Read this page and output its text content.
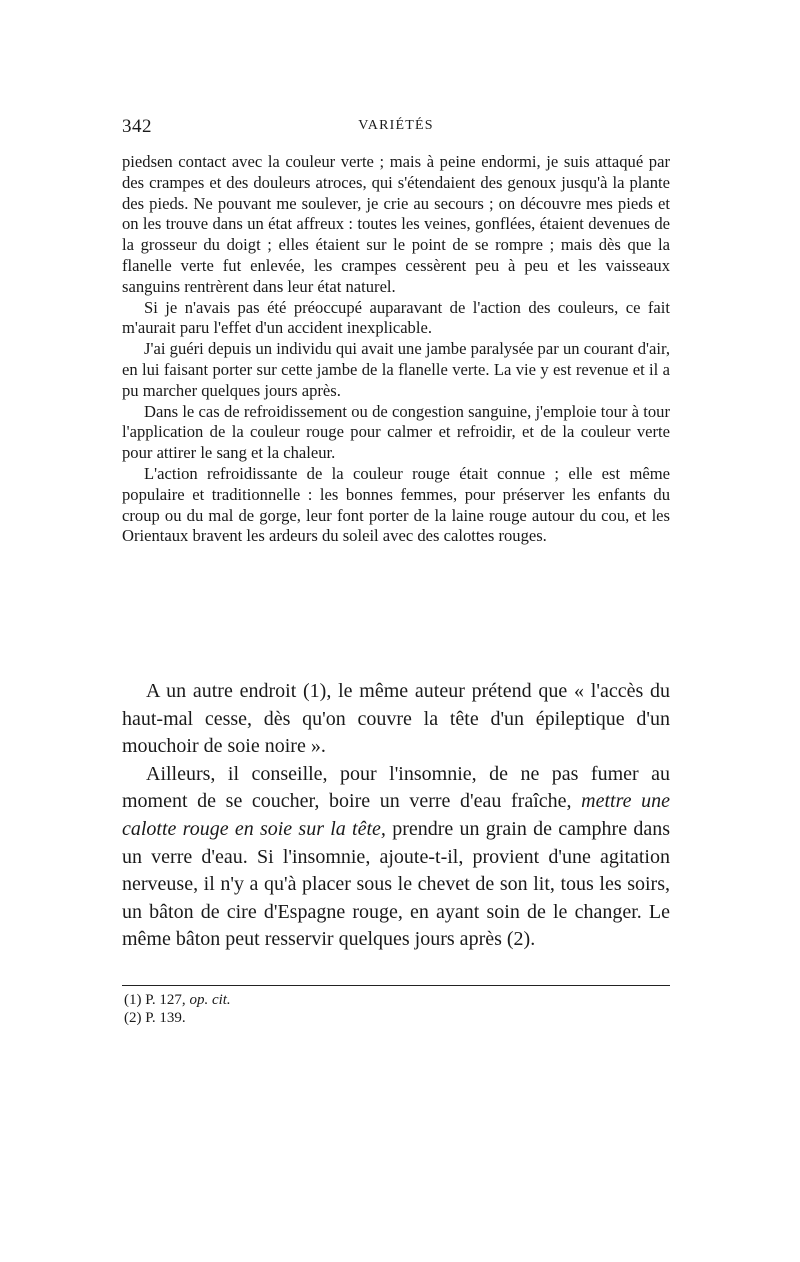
342	VARIÉTÉS

piedsen contact avec la couleur verte ; mais à peine endormi, je suis attaqué par des crampes et des douleurs atroces, qui s'étendaient des genoux jusqu'à la plante des pieds. Ne pouvant me soulever, je crie au secours ; on découvre mes pieds et on les trouve dans un état affreux : toutes les veines, gonflées, étaient devenues de la grosseur du doigt ; elles étaient sur le point de se rompre ; mais dès que la flanelle verte fut enlevée, les crampes cessèrent peu à peu et les vaisseaux sanguins rentrèrent dans leur état naturel.

Si je n'avais pas été préoccupé auparavant de l'action des couleurs, ce fait m'aurait paru l'effet d'un accident inexplicable.

J'ai guéri depuis un individu qui avait une jambe paralysée par un courant d'air, en lui faisant porter sur cette jambe de la flanelle verte. La vie y est revenue et il a pu marcher quelques jours après.

Dans le cas de refroidissement ou de congestion sanguine, j'emploie tour à tour l'application de la couleur rouge pour calmer et refroidir, et de la couleur verte pour attirer le sang et la chaleur.

L'action refroidissante de la couleur rouge était connue ; elle est même populaire et traditionnelle : les bonnes femmes, pour préserver les enfants du croup ou du mal de gorge, leur font porter de la laine rouge autour du cou, et les Orientaux bravent les ardeurs du soleil avec des calottes rouges.

A un autre endroit (1), le même auteur prétend que « l'accès du haut-mal cesse, dès qu'on couvre la tête d'un épileptique d'un mouchoir de soie noire ».

Ailleurs, il conseille, pour l'insomnie, de ne pas fumer au moment de se coucher, boire un verre d'eau fraîche, mettre une calotte rouge en soie sur la tête, prendre un grain de camphre dans un verre d'eau. Si l'insomnie, ajoute-t-il, provient d'une agitation nerveuse, il n'y a qu'à placer sous le chevet de son lit, tous les soirs, un bâton de cire d'Espagne rouge, en ayant soin de le changer. Le même bâton peut resservir quelques jours après (2).

(1) P. 127, op. cit.
(2) P. 139.
